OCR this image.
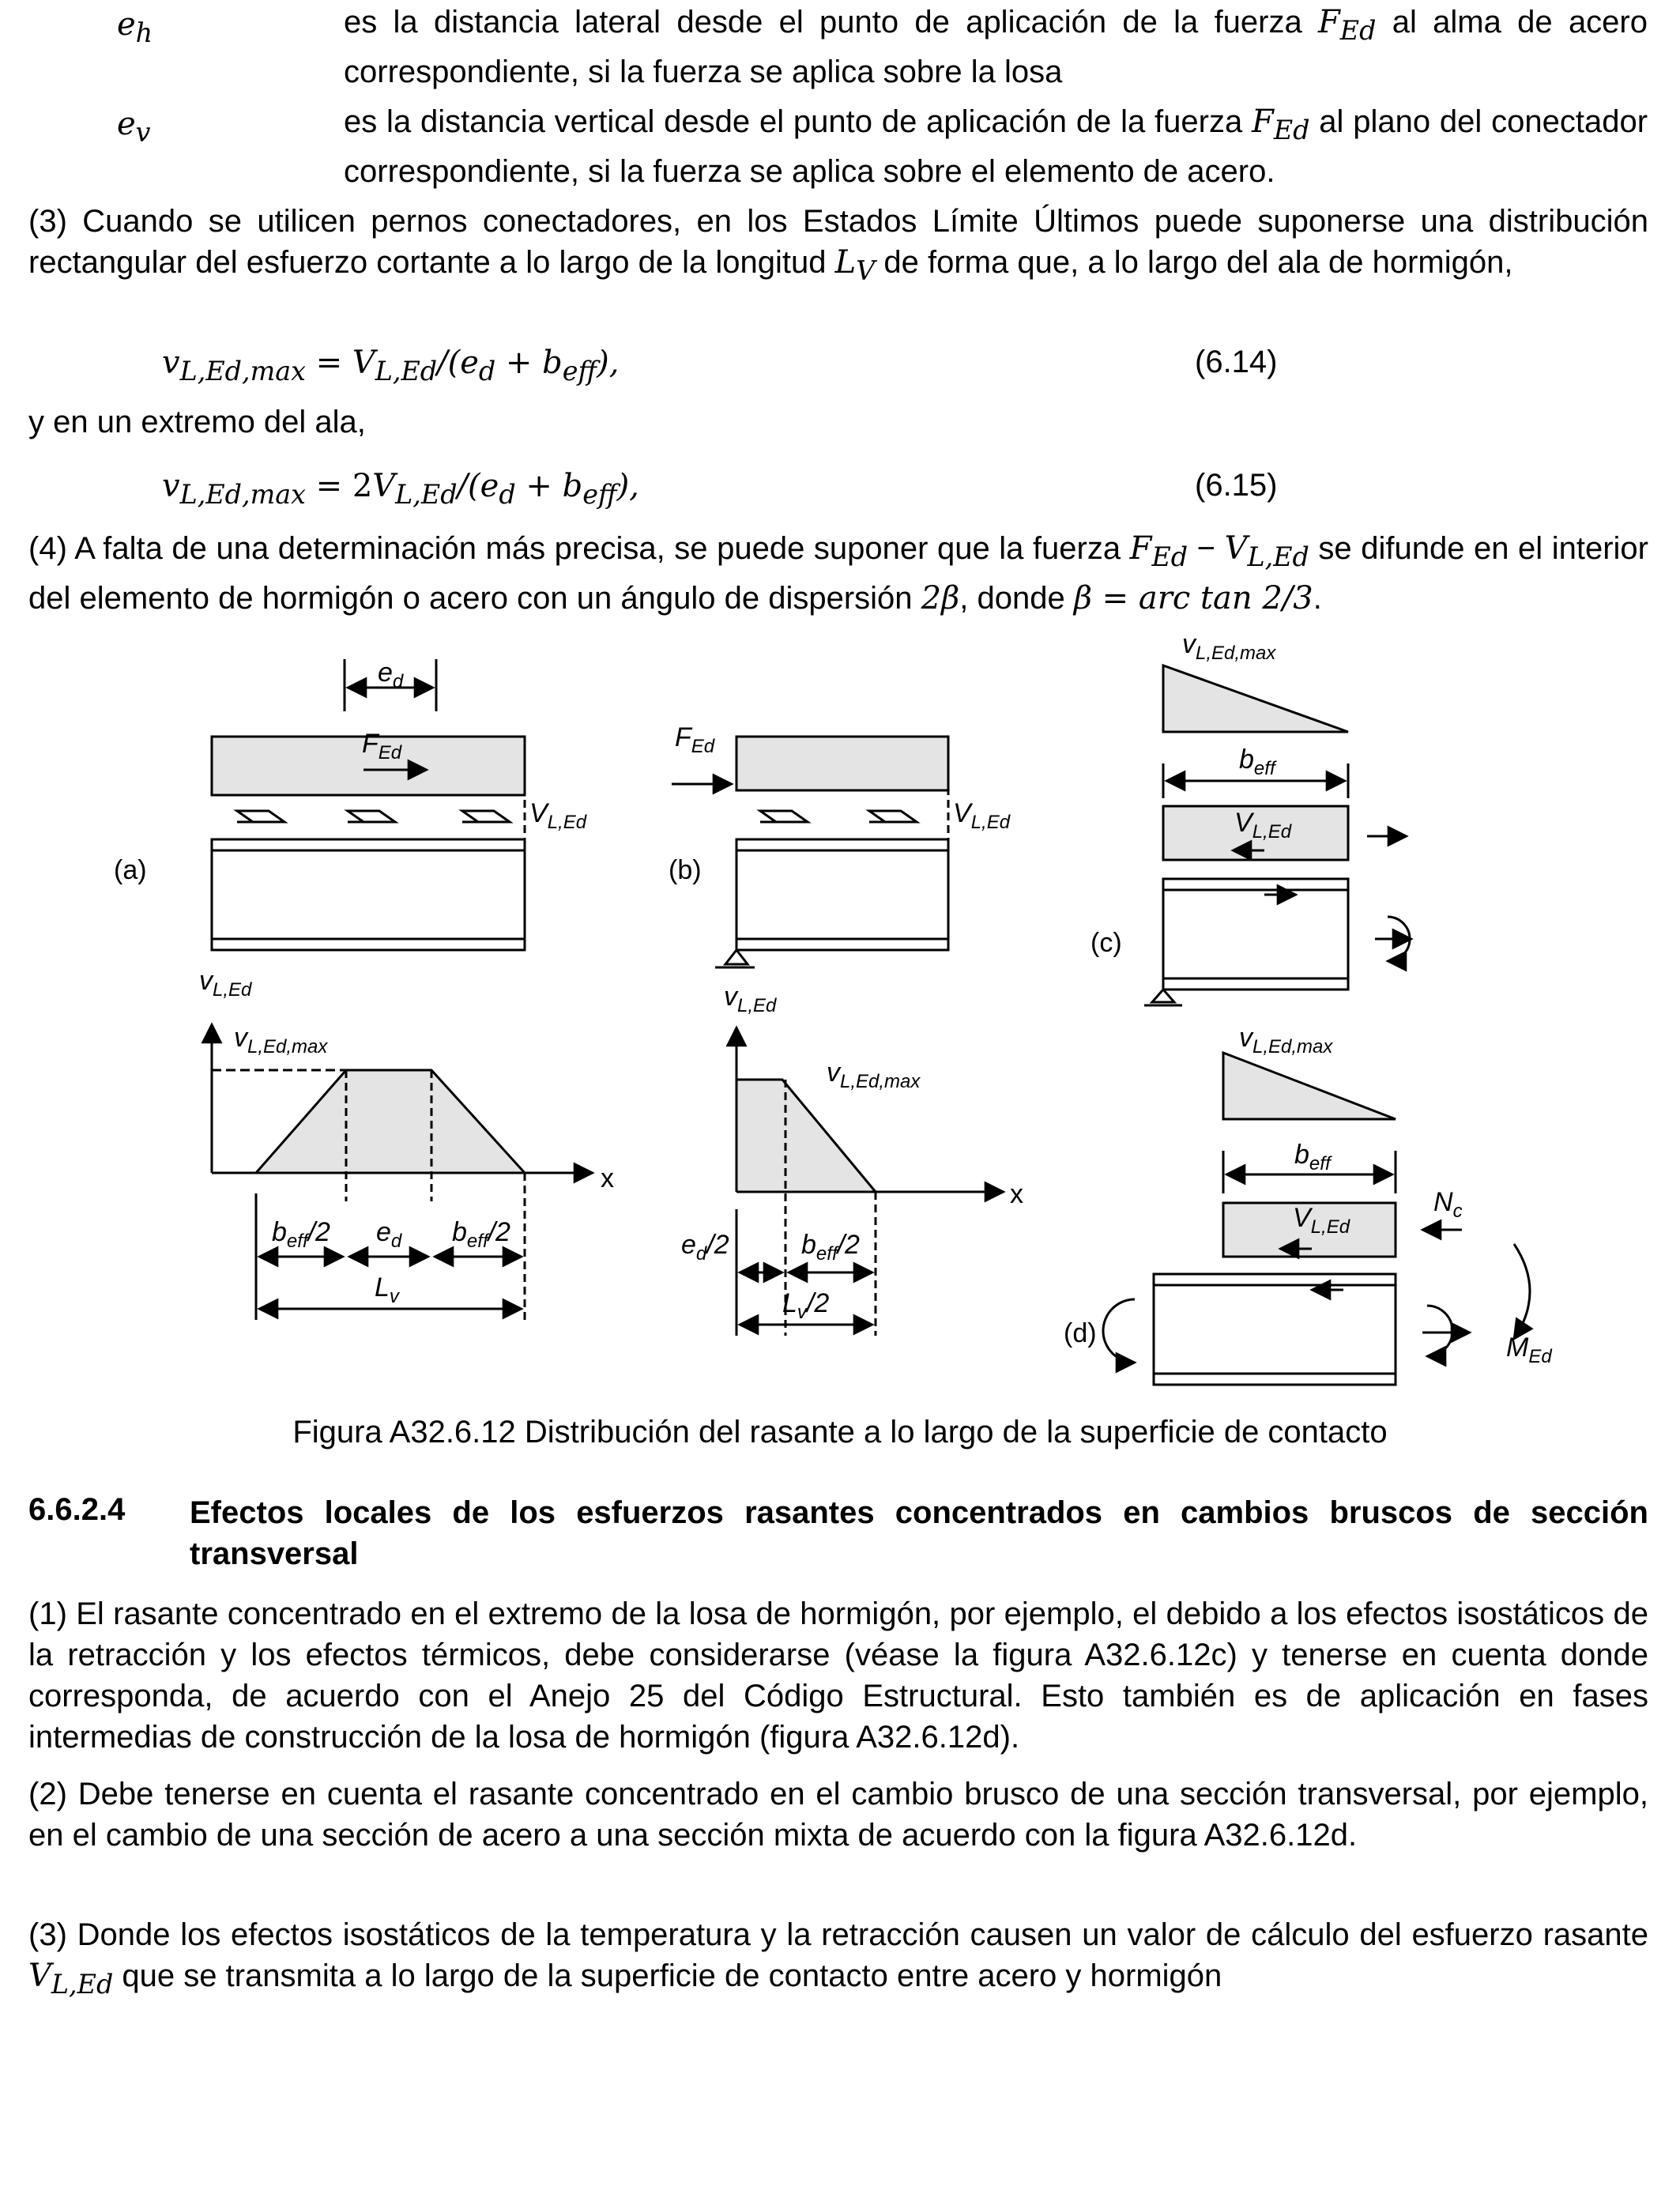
$e_h$	es la distancia lateral desde el punto de aplicación de la fuerza $F_{Ed}$ al alma de acero correspondiente, si la fuerza se aplica sobre la losa
$e_v$	es la distancia vertical desde el punto de aplicación de la fuerza $F_{Ed}$ al plano del conectador correspondiente, si la fuerza se aplica sobre el elemento de acero.
(3) Cuando se utilicen pernos conectadores, en los Estados Límite Últimos puede suponerse una distribución rectangular del esfuerzo cortante a lo largo de la longitud $L_V$ de forma que, a lo largo del ala de hormigón,
$v_{L,Ed,max} = V_{L,Ed}/(e_d + b_{eff})$,	(6.14)
y en un extremo del ala,
$v_{L,Ed,max} = 2V_{L,Ed}/(e_d + b_{eff})$,	(6.15)
(4) A falta de una determinación más precisa, se puede suponer que la fuerza $F_{Ed} - V_{L,Ed}$ se difunde en el interior del elemento de hormigón o acero con un ángulo de dispersión 2β, donde β = arc tan 2/3.
(a)	(b)
(c)
(d)
$e_d$
$F_{Ed}$
$V_{L,Ed}$
$F_{Ed}$
$V_{L,Ed}$
$v_{L,Ed}$
$v_{L,Ed,max}$
x
$b_{eff}/2$ $e_d$ $b_{eff}/2$
$L_v$
$v_{L,Ed}$
$v_{L,Ed,max}$
x
$e_d/2$	$b_{eff}/2$
$L_v/2$
$v_{L,Ed,max}$
$b_{eff}$
$V_{L,Ed}$
$v_{L,Ed,max}$
$b_{eff}$
$V_{L,Ed}$
$N_c$
$M_{Ed}$
Figura A32.6.12 Distribución del rasante a lo largo de la superficie de contacto
6.6.2.4 Efectos locales de los esfuerzos rasantes concentrados en cambios bruscos de sección transversal
(1) El rasante concentrado en el extremo de la losa de hormigón, por ejemplo, el debido a los efectos isostáticos de la retracción y los efectos térmicos, debe considerarse (véase la figura A32.6.12c) y tenerse en cuenta donde corresponda, de acuerdo con el Anejo 25 del Código Estructural. Esto también es de aplicación en fases intermedias de construcción de la losa de hormigón (figura A32.6.12d).
(2) Debe tenerse en cuenta el rasante concentrado en el cambio brusco de una sección transversal, por ejemplo, en el cambio de una sección de acero a una sección mixta de acuerdo con la figura A32.6.12d.
(3) Donde los efectos isostáticos de la temperatura y la retracción causen un valor de cálculo del esfuerzo rasante $V_{L,Ed}$ que se transmita a lo largo de la superficie de contacto entre acero y hormigón
